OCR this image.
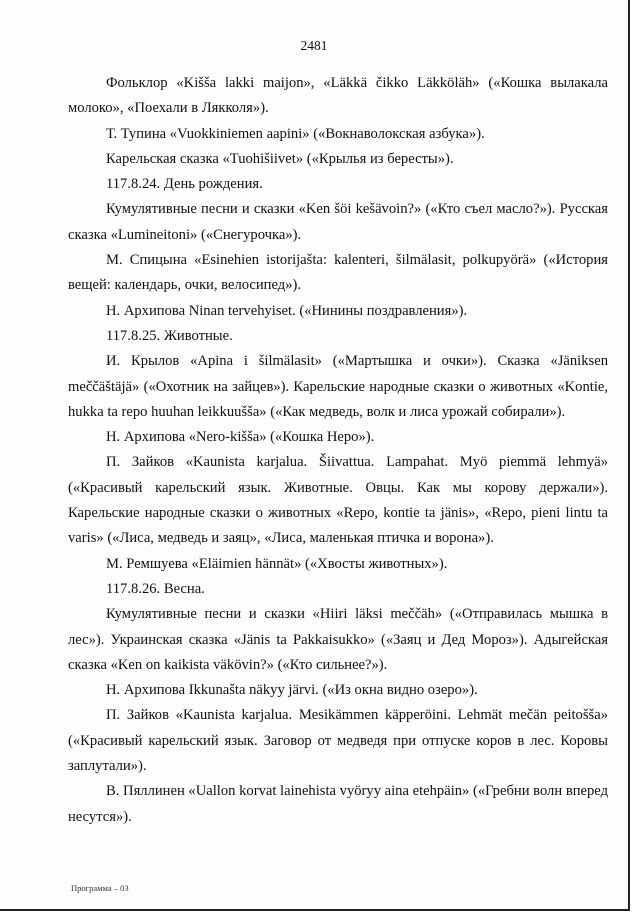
2481

Фольклор «Kišša lakki maijon», «Läkkä čikko Läkköläh» («Кошка вылакала молоко», «Поехали в Лякколя»).

Т. Тупина «Vuokkiniemen aapini» («Вокнаволокская азбука»).

Карельская сказка «Tuohišiivet» («Крылья из бересты»).

117.8.24. День рождения.

Кумулятивные песни и сказки «Ken šöi kešävoin?» («Кто съел масло?»). Русская сказка «Lumineitoni» («Снегурочка»).

М. Спицына «Esinehien istorijašta: kalenteri, šilmälasit, polkupyörä» («История вещей: календарь, очки, велосипед»).

Н. Архипова Ninan tervehyiset. («Нинины поздравления»).

117.8.25. Животные.

И. Крылов «Apina i šilmälasit» («Мартышка и очки»). Сказка «Jäniksen meččäštäjä» («Охотник на зайцев»). Карельские народные сказки о животных «Kontie, hukka ta repo huuhan leikkuušša» («Как медведь, волк и лиса урожай собирали»).

Н. Архипова «Nero-kišša» («Кошка Неро»).

П. Зайков «Kaunista karjalua. Šiivattua. Lampahat. Myö piemmä lehmyä» («Красивый карельский язык. Животные. Овцы. Как мы корову держали»). Карельские народные сказки о животных «Repo, kontie ta jänis», «Repo, pieni lintu ta varis» («Лиса, медведь и заяц», «Лиса, маленькая птичка и ворона»).

М. Ремшуева «Eläimien hännät» («Хвосты животных»).

117.8.26. Весна.

Кумулятивные песни и сказки «Hiiri läksi meččäh» («Отправилась мышка в лес»). Украинская сказка «Jänis ta Pakkaisukko» («Заяц и Дед Мороз»). Адыгейская сказка «Ken on kaikista väkövin?» («Кто сильнее?»).

Н. Архипова Ikkunašta näkyy järvi. («Из окна видно озеро»).

П. Зайков «Kaunista karjalua. Mesikämmen käpperöini. Lehmät mečän peitošša» («Красивый карельский язык. Заговор от медведя при отпуске коров в лес. Коровы заплутали»).

В. Пяллинен «Uallon korvat lainehista vyöryy aina etehpäin» («Гребни волн вперед несутся»).

Программа – 03
